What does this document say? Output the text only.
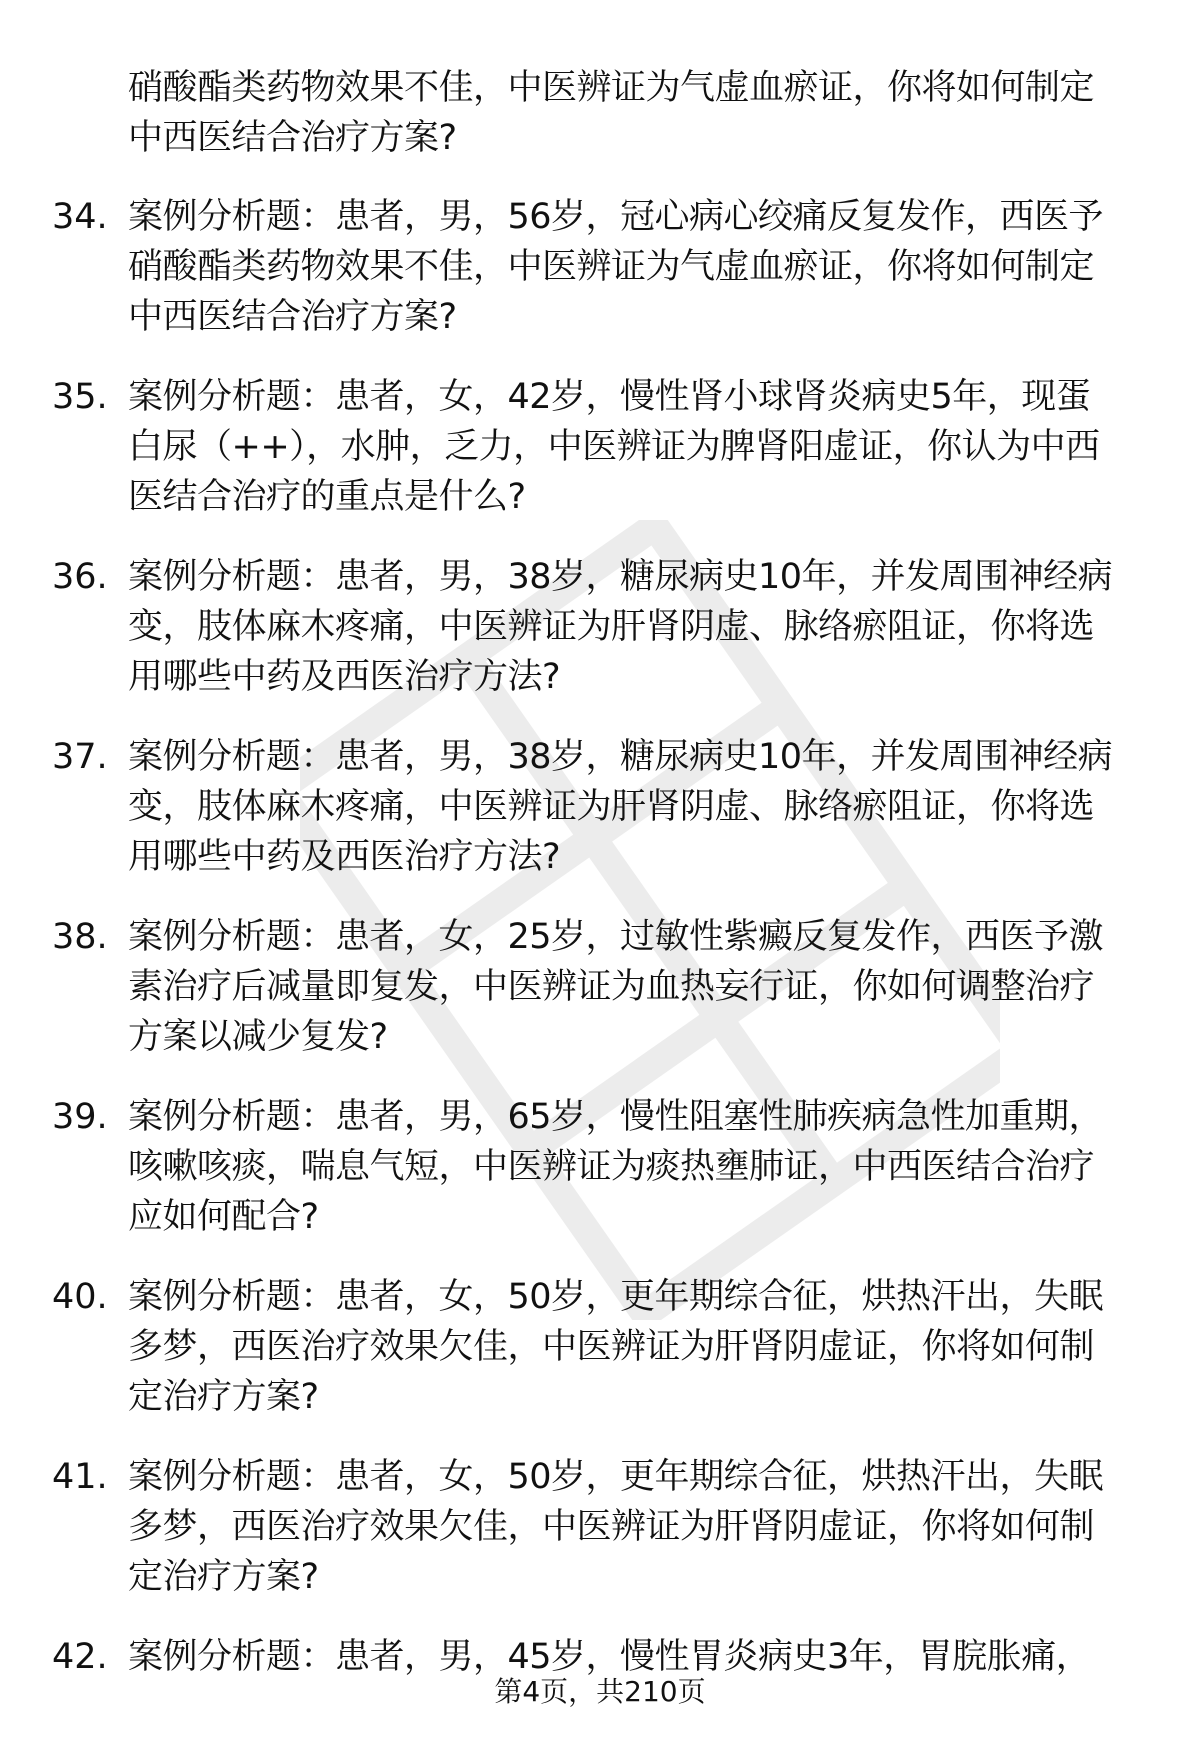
硝酸酯类药物效果不佳，中医辨证为气虚血瘀证，你将如何制定
中西医结合治疗方案?
34. 案例分析题：患者，男，56岁，冠心病心绞痛反复发作，西医予
硝酸酯类药物效果不佳，中医辨证为气虚血瘀证，你将如何制定
中西医结合治疗方案?
35. 案例分析题：患者，女，42岁，慢性肾小球肾炎病史5年，现蛋
白尿（++），水肿，乏力，中医辨证为脾肾阳虚证，你认为中西
医结合治疗的重点是什么?
36. 案例分析题：患者，男，38岁，糖尿病史10年，并发周围神经病
变，肢体麻木疼痛，中医辨证为肝肾阴虚、脉络瘀阻证，你将选
用哪些中药及西医治疗方法?
37. 案例分析题：患者，男，38岁，糖尿病史10年，并发周围神经病
变，肢体麻木疼痛，中医辨证为肝肾阴虚、脉络瘀阻证，你将选
用哪些中药及西医治疗方法?
38. 案例分析题：患者，女，25岁，过敏性紫癜反复发作，西医予激
素治疗后减量即复发，中医辨证为血热妄行证，你如何调整治疗
方案以减少复发?
39. 案例分析题：患者，男，65岁，慢性阻塞性肺疾病急性加重期，
咳嗽咳痰，喘息气短，中医辨证为痰热壅肺证，中西医结合治疗
应如何配合?
40. 案例分析题：患者，女，50岁，更年期综合征，烘热汗出，失眠
多梦，西医治疗效果欠佳，中医辨证为肝肾阴虚证，你将如何制
定治疗方案?
41. 案例分析题：患者，女，50岁，更年期综合征，烘热汗出，失眠
多梦，西医治疗效果欠佳，中医辨证为肝肾阴虚证，你将如何制
定治疗方案?
42. 案例分析题：患者，男，45岁，慢性胃炎病史3年，胃脘胀痛，
第4页，共210页
